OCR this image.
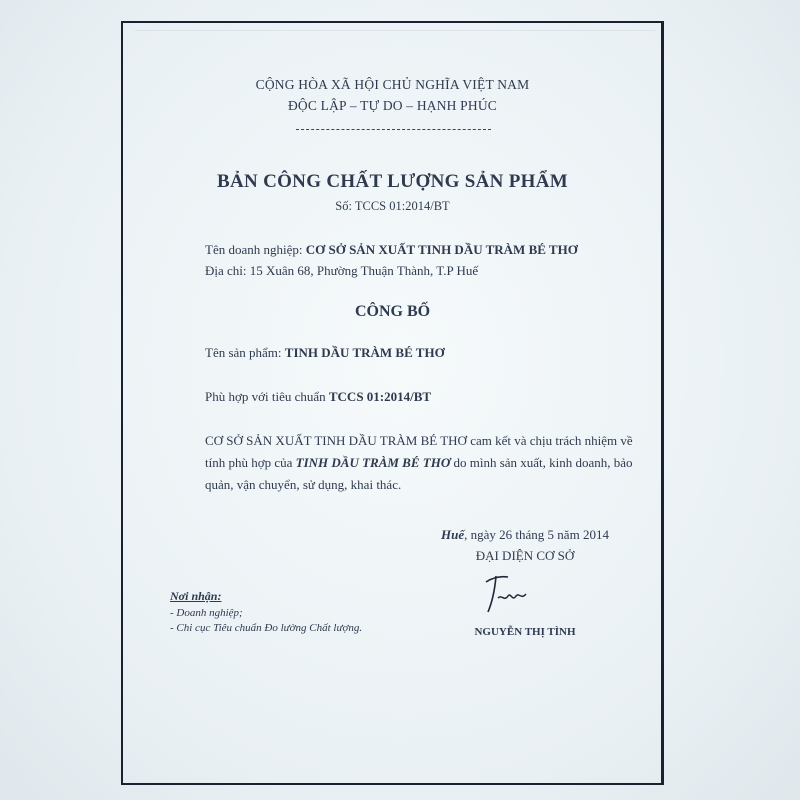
CỘNG HÒA XÃ HỘI CHỦ NGHĨA VIỆT NAM
ĐỘC LẬP – TỰ DO – HẠNH PHÚC
BẢN CÔNG CHẤT LƯỢNG SẢN PHẨM
Số: TCCS 01:2014/BT
Tên doanh nghiệp: CƠ SỞ SẢN XUẤT TINH DẦU TRÀM BÉ THƠ
Địa chỉ: 15 Xuân 68, Phường Thuận Thành, T.P Huế
CÔNG BỐ
Tên sản phẩm: TINH DẦU TRÀM BÉ THƠ
Phù hợp với tiêu chuẩn TCCS 01:2014/BT
CƠ SỞ SẢN XUẤT TINH DẦU TRÀM BÉ THƠ cam kết và chịu trách nhiệm về tính phù hợp của TINH DẦU TRÀM BÉ THƠ do mình sản xuất, kinh doanh, bảo quản, vận chuyển, sử dụng, khai thác.
Huế, ngày 26 tháng 5 năm 2014
ĐẠI DIỆN CƠ SỞ
Nơi nhận:
- Doanh nghiệp;
- Chi cục Tiêu chuẩn Đo lường Chất lượng.	NGUYỄN THỊ TÌNH
